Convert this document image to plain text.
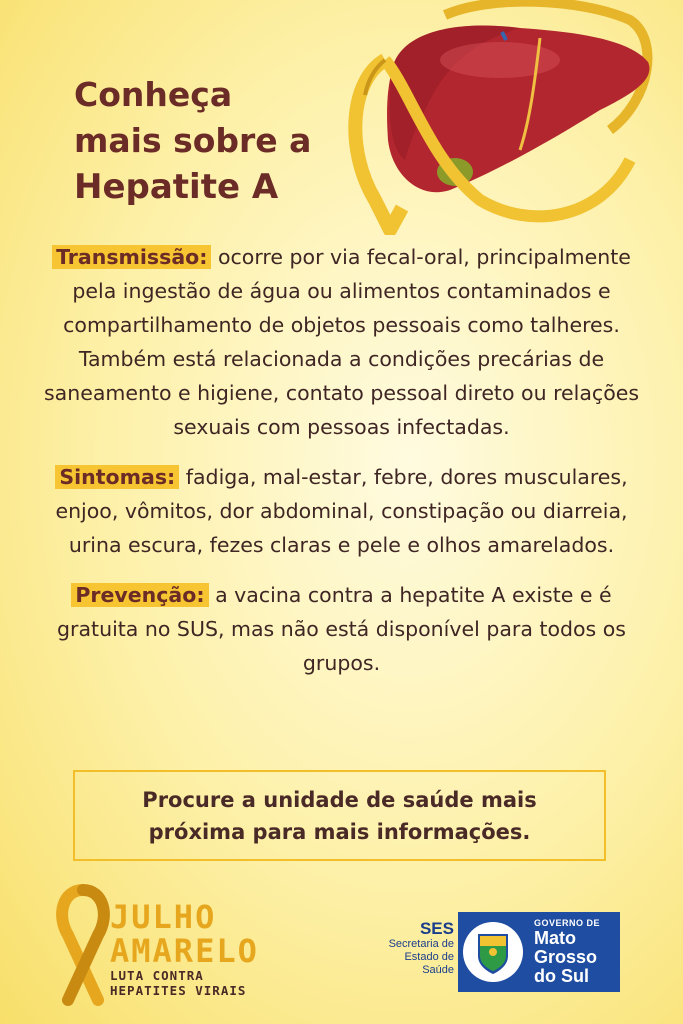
Conheça
mais sobre a
Hepatite A

Transmissão: ocorre por via fecal-oral, principalmente pela ingestão de água ou alimentos contaminados e compartilhamento de objetos pessoais como talheres. Também está relacionada a condições precárias de saneamento e higiene, contato pessoal direto ou relações sexuais com pessoas infectadas.

Sintomas: fadiga, mal-estar, febre, dores musculares, enjoo, vômitos, dor abdominal, constipação ou diarreia, urina escura, fezes claras e pele e olhos amarelados.

Prevenção: a vacina contra a hepatite A existe e é gratuita no SUS, mas não está disponível para todos os grupos.

Procure a unidade de saúde mais
próxima para mais informações.
JULHO
AMARELO
LUTA CONTRA
HEPATITES VIRAIS
SES
Secretaria de
Estado de
Saúde
GOVERNO DE
Mato
Grosso
do Sul
